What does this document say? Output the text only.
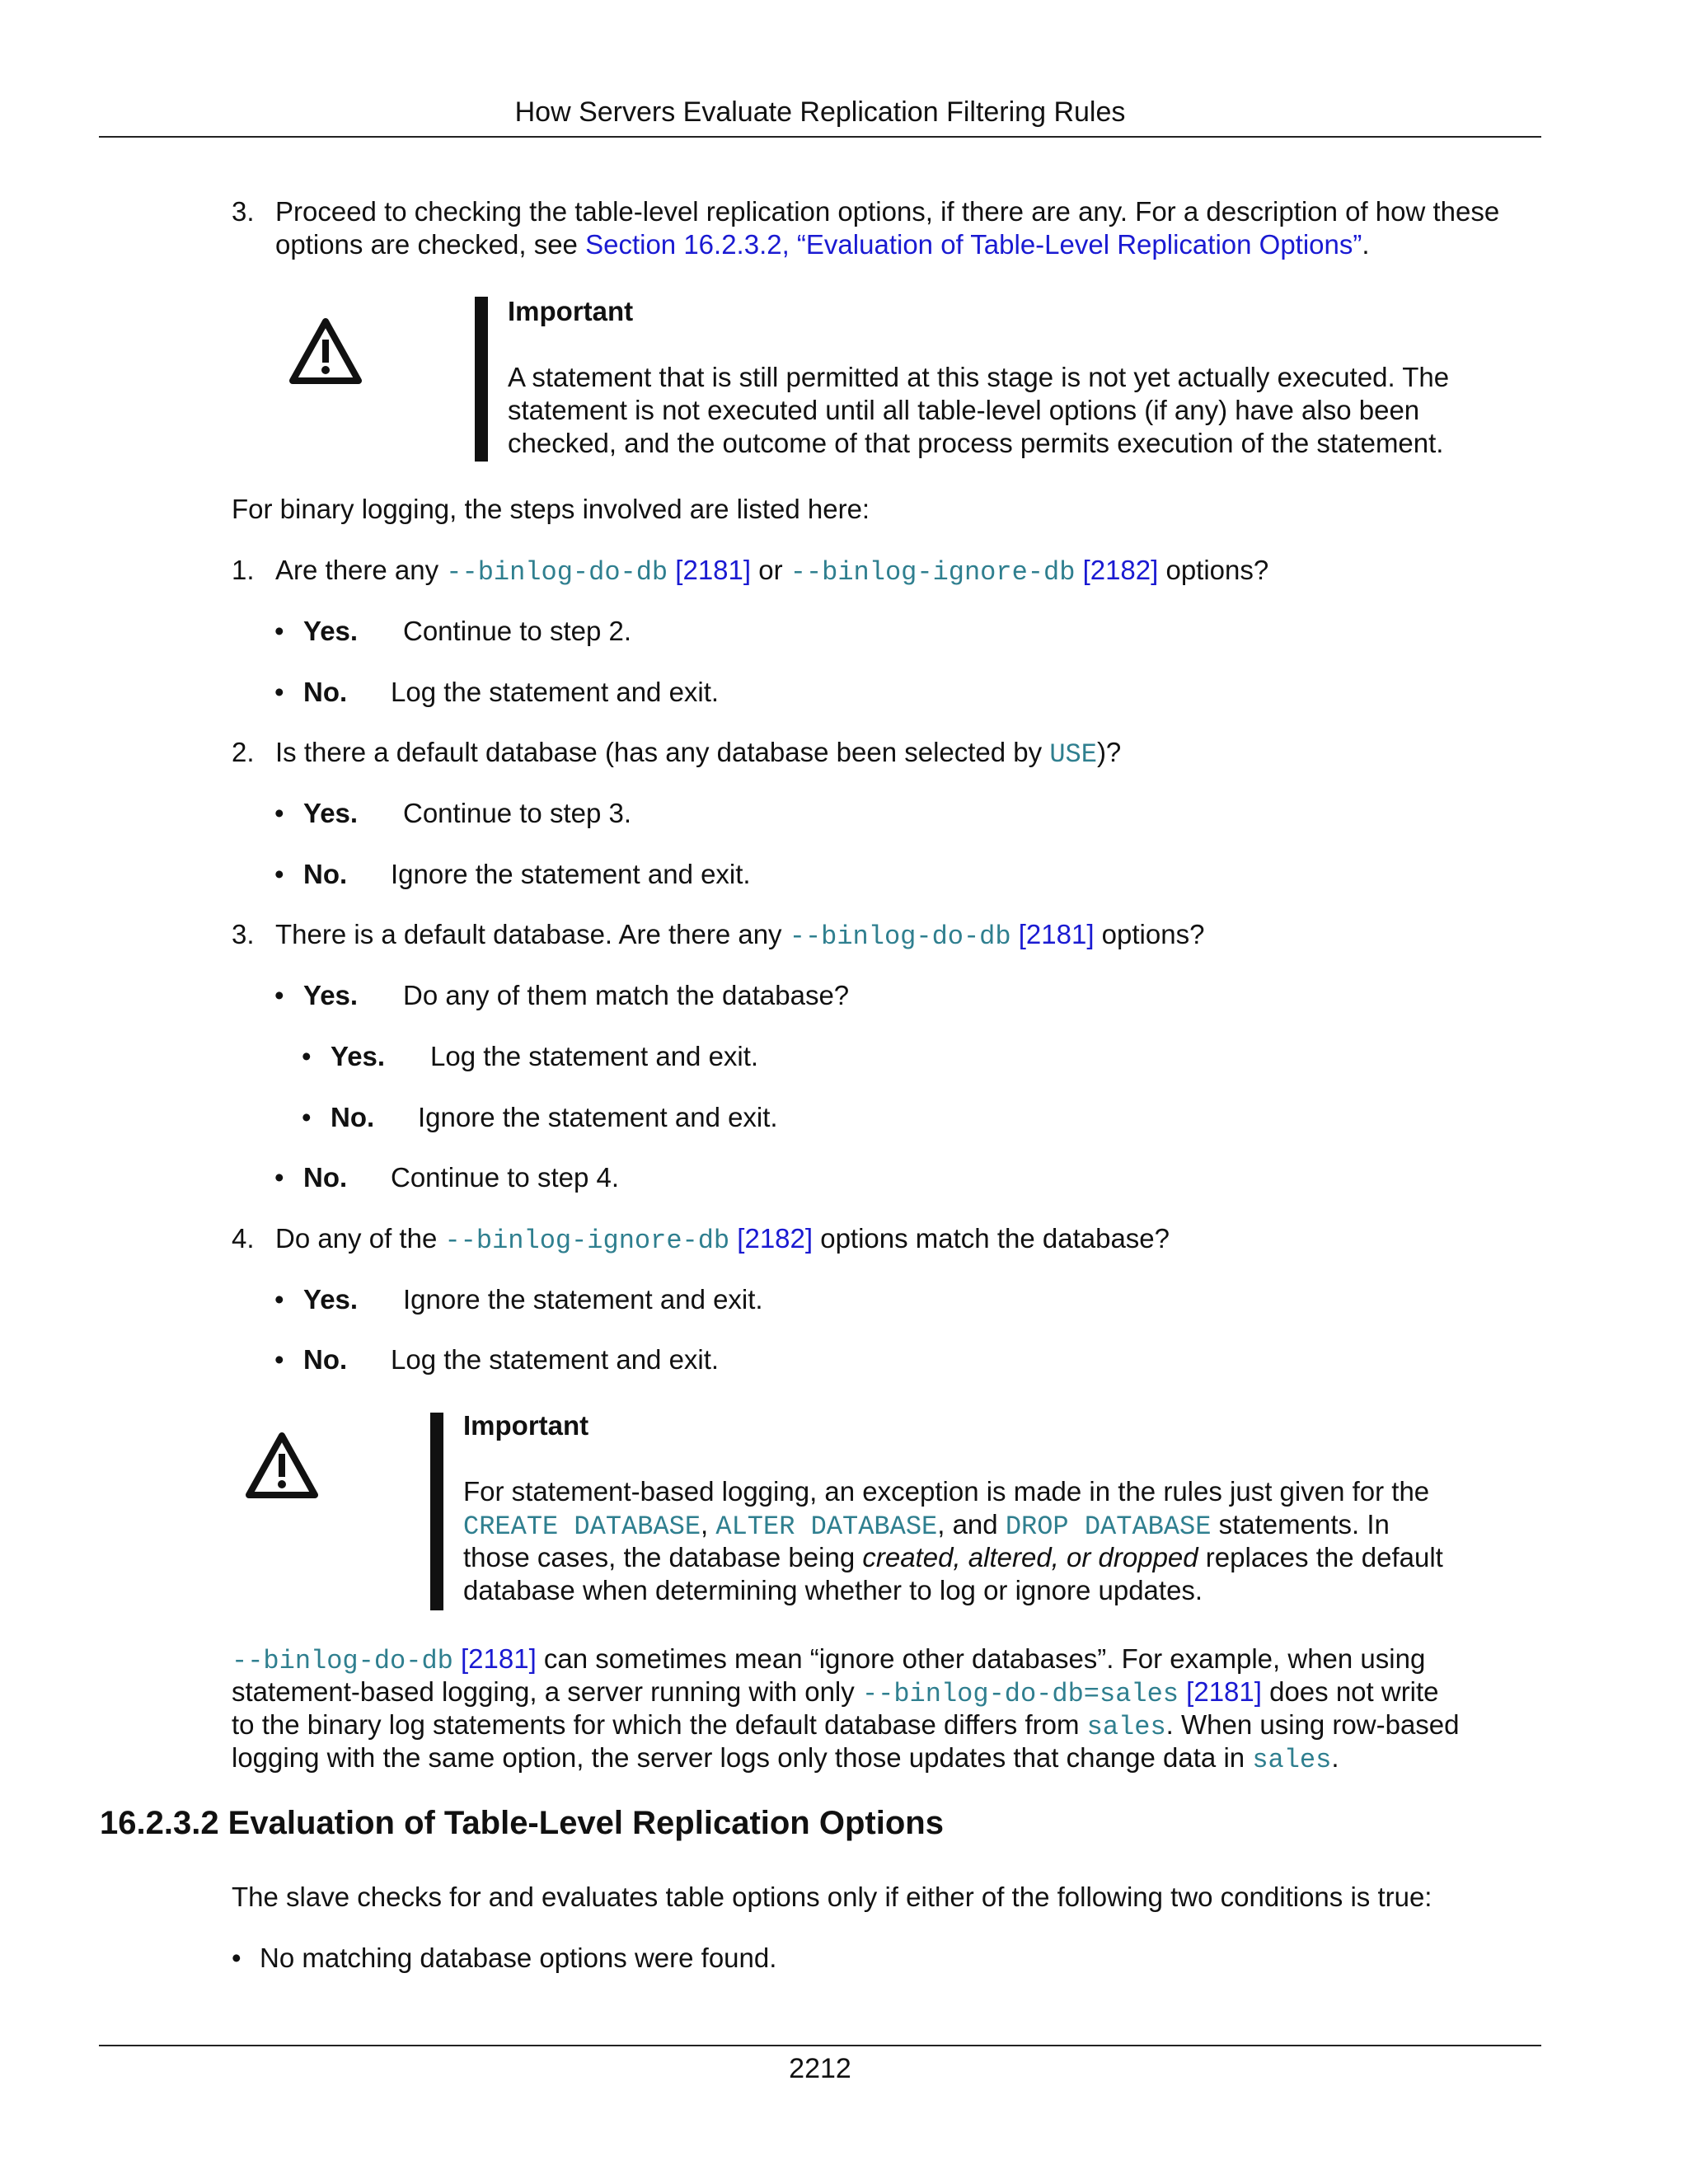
How Servers Evaluate Replication Filtering Rules
3. Proceed to checking the table-level replication options, if there are any. For a description of how these
options are checked, see Section 16.2.3.2, “Evaluation of Table-Level Replication Options”.
Important
A statement that is still permitted at this stage is not yet actually executed. The
statement is not executed until all table-level options (if any) have also been
checked, and the outcome of that process permits execution of the statement.
For binary logging, the steps involved are listed here:
1. Are there any --binlog-do-db [2181] or --binlog-ignore-db [2182] options?
• Yes. Continue to step 2.
• No. Log the statement and exit.
2. Is there a default database (has any database been selected by USE)?
• Yes. Continue to step 3.
• No. Ignore the statement and exit.
3. There is a default database. Are there any --binlog-do-db [2181] options?
• Yes. Do any of them match the database?
• Yes. Log the statement and exit.
• No. Ignore the statement and exit.
• No. Continue to step 4.
4. Do any of the --binlog-ignore-db [2182] options match the database?
• Yes. Ignore the statement and exit.
• No. Log the statement and exit.
Important
For statement-based logging, an exception is made in the rules just given for the
CREATE DATABASE, ALTER DATABASE, and DROP DATABASE statements. In
those cases, the database being created, altered, or dropped replaces the default
database when determining whether to log or ignore updates.
--binlog-do-db [2181] can sometimes mean “ignore other databases”. For example, when using
statement-based logging, a server running with only --binlog-do-db=sales [2181] does not write
to the binary log statements for which the default database differs from sales. When using row-based
logging with the same option, the server logs only those updates that change data in sales.
16.2.3.2 Evaluation of Table-Level Replication Options
The slave checks for and evaluates table options only if either of the following two conditions is true:
• No matching database options were found.
2212
